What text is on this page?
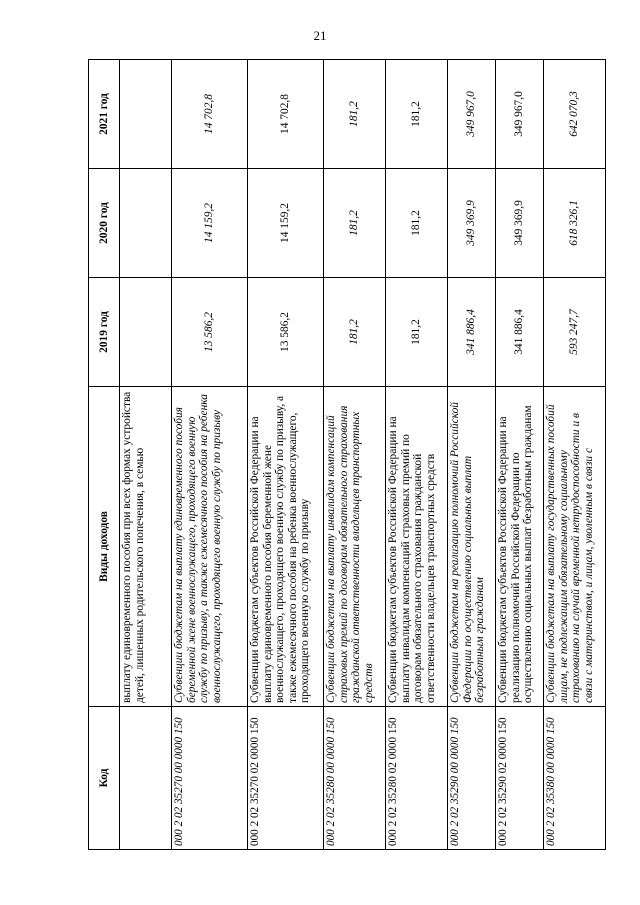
21
Код	Виды доходов	2019 год	2020 год	2021 год
	выплату единовременного пособия при всех формах устройства детей, лишенных родительского попечения, в семью			
000 2 02 35270 00 0000 150	Субвенции бюджетам на выплату единовременного пособия беременной жене военнослужащего, проходящего военную службу по призыву, а также ежемесячного пособия на ребенка военнослужащего, проходящего военную службу по призыву	13 586,2	14 159,2	14 702,8
000 2 02 35270 02 0000 150	Субвенции бюджетам субъектов Российской Федерации на выплату единовременного пособия беременной жене военнослужащего, проходящего военную службу по призыву, а также ежемесячного пособия на ребенка военнослужащего, проходящего военную службу по призыву	13 586,2	14 159,2	14 702,8
000 2 02 35280 00 0000 150	Субвенции бюджетам на выплату инвалидам компенсаций страховых премий по договорам обязательного страхования гражданской ответственности владельцев транспортных средств	181,2	181,2	181,2
000 2 02 35280 02 0000 150	Субвенции бюджетам субъектов Российской Федерации на выплату инвалидам компенсаций страховых премий по договорам обязательного страхования гражданской ответственности владельцев транспортных средств	181,2	181,2	181,2
000 2 02 35290 00 0000 150	Субвенции бюджетам на реализацию полномочий Российской Федерации по осуществлению социальных выплат безработным гражданам	341 886,4	349 369,9	349 967,0
000 2 02 35290 02 0000 150	Субвенции бюджетам субъектов Российской Федерации на реализацию полномочий Российской Федерации по осуществлению социальных выплат безработным гражданам	341 886,4	349 369,9	349 967,0
000 2 02 35380 00 0000 150	Субвенции бюджетам на выплату государственных пособий лицам, не подлежащим обязательному социальному страхованию на случай временной нетрудоспособности и в связи с материнством, и лицам, уволенным в связи с	593 247,7	618 326,1	642 070,3
